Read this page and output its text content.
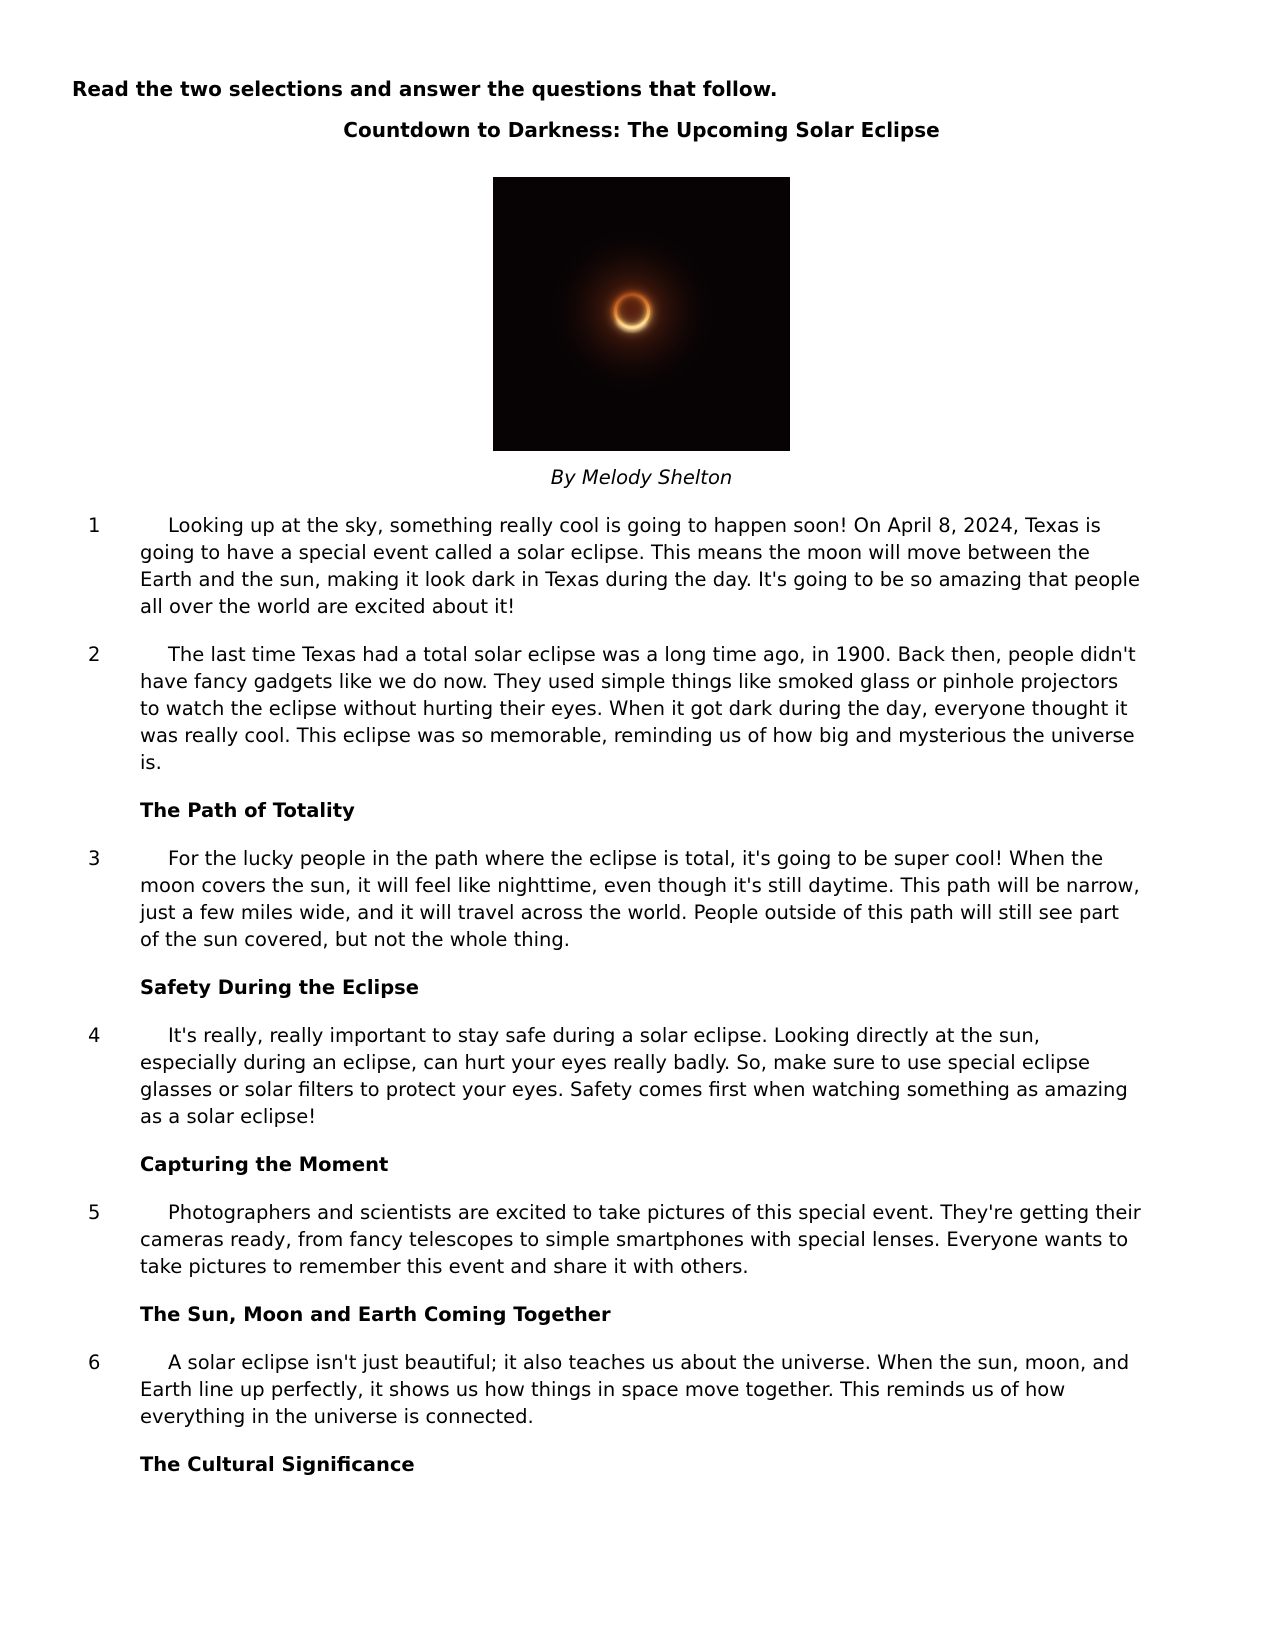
Read the two selections and answer the questions that follow.

Countdown to Darkness: The Upcoming Solar Eclipse

By Melody Shelton

1	Looking up at the sky, something really cool is going to happen soon! On April 8, 2024, Texas is going to have a special event called a solar eclipse. This means the moon will move between the Earth and the sun, making it look dark in Texas during the day. It's going to be so amazing that people all over the world are excited about it!

2	The last time Texas had a total solar eclipse was a long time ago, in 1900. Back then, people didn't have fancy gadgets like we do now. They used simple things like smoked glass or pinhole projectors to watch the eclipse without hurting their eyes. When it got dark during the day, everyone thought it was really cool. This eclipse was so memorable, reminding us of how big and mysterious the universe is.

The Path of Totality
3	For the lucky people in the path where the eclipse is total, it's going to be super cool! When the moon covers the sun, it will feel like nighttime, even though it's still daytime. This path will be narrow, just a few miles wide, and it will travel across the world. People outside of this path will still see part of the sun covered, but not the whole thing.

Safety During the Eclipse
4	It's really, really important to stay safe during a solar eclipse. Looking directly at the sun, especially during an eclipse, can hurt your eyes really badly. So, make sure to use special eclipse glasses or solar filters to protect your eyes. Safety comes first when watching something as amazing as a solar eclipse!

Capturing the Moment
5	Photographers and scientists are excited to take pictures of this special event. They're getting their cameras ready, from fancy telescopes to simple smartphones with special lenses. Everyone wants to take pictures to remember this event and share it with others.

The Sun, Moon and Earth Coming Together
6	A solar eclipse isn't just beautiful; it also teaches us about the universe. When the sun, moon, and Earth line up perfectly, it shows us how things in space move together. This reminds us of how everything in the universe is connected.

The Cultural Significance
